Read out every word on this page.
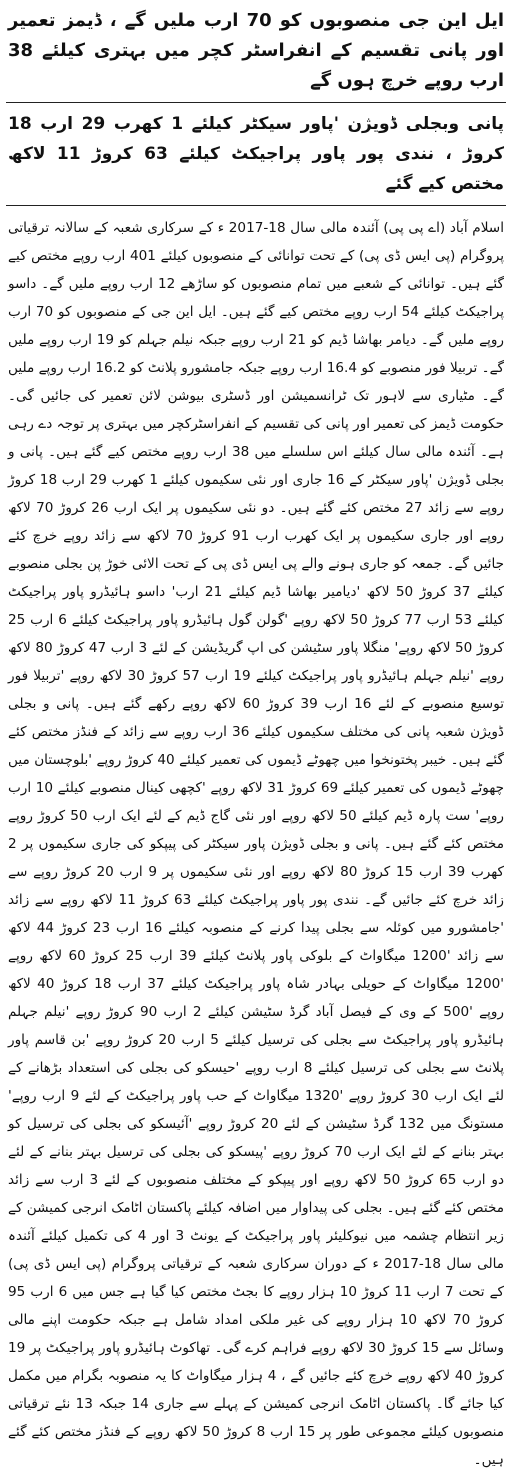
ایل این جی منصوبوں کو 70 ارب ملیں گے ، ڈیمز تعمیر اور پانی تقسیم کے انفراسٹر کچر میں بہتری کیلئے 38 ارب روپے خرچ ہوں گے
پانی وبجلی ڈویژن 'پاور سیکٹر کیلئے 1 کھرب 29 ارب 18 کروڑ ، نندی پور پاور پراجیکٹ کیلئے 63 کروڑ 11 لاکھ مختص کیے گئے

اسلام آباد (اے پی پی) آئندہ مالی سال 18-2017 ء کے سرکاری شعبہ کے سالانہ ترقیاتی پروگرام (پی ایس ڈی پی) کے تحت توانائی کے منصوبوں کیلئے 401 ارب روپے مختص کیے گئے ہیں۔ توانائی کے شعبے میں تمام منصوبوں کو ساڑھے 12 ارب روپے ملیں گے۔ داسو پراجیکٹ کیلئے 54 ارب روپے مختص کیے گئے ہیں۔ ایل این جی کے منصوبوں کو 70 ارب روپے ملیں گے۔ دیامر بھاشا ڈیم کو 21 ارب روپے جبکہ نیلم جہلم کو 19 ارب روپے ملیں گے۔ تربیلا فور منصوبے کو 16.4 ارب روپے جبکہ جامشورو پلانٹ کو 16.2 ارب روپے ملیں گے۔ مٹیاری سے لاہور تک ٹرانسمیشن اور ڈسٹری بیوشن لائن تعمیر کی جائیں گی۔ حکومت ڈیمز کی تعمیر اور پانی کی تقسیم کے انفراسٹرکچر میں بہتری پر توجہ دے رہی ہے۔ آئندہ مالی سال کیلئے اس سلسلے میں 38 ارب روپے مختص کیے گئے ہیں۔ پانی و بجلی ڈویژن 'پاور سیکٹر کے 16 جاری اور نئی سکیموں کیلئے 1 کھرب 29 ارب 18 کروڑ روپے سے زائد 27 مختص کئے گئے ہیں۔ دو نئی سکیموں پر ایک ارب 26 کروڑ 70 لاکھ روپے اور جاری سکیموں پر ایک کھرب ارب 91 کروڑ 70 لاکھ سے زائد روپے خرچ کئے جائیں گے۔ جمعہ کو جاری ہونے والے پی ایس ڈی پی کے تحت الائی خوڑ پن بجلی منصوبے کیلئے 37 کروڑ 50 لاکھ 'دیامیر بھاشا ڈیم کیلئے 21 ارب' داسو ہائیڈرو پاور پراجیکٹ کیلئے 53 ارب 77 کروڑ 50 لاکھ روپے 'گولن گول ہائیڈرو پاور پراجیکٹ کیلئے 6 ارب 25 کروڑ 50 لاکھ روپے' منگلا پاور سٹیشن کی اپ گریڈیشن کے لئے 3 ارب 47 کروڑ 80 لاکھ روپے 'نیلم جہلم ہائیڈرو پاور پراجیکٹ کیلئے 19 ارب 57 کروڑ 30 لاکھ روپے 'تربیلا فور توسیع منصوبے کے لئے 16 ارب 39 کروڑ 60 لاکھ روپے رکھے گئے ہیں۔ پانی و بجلی ڈویژن شعبہ پانی کی مختلف سکیموں کیلئے 36 ارب روپے سے زائد کے فنڈز مختص کئے گئے ہیں۔ خیبر پختونخوا میں چھوٹے ڈیموں کی تعمیر کیلئے 40 کروڑ روپے 'بلوچستان میں چھوٹے ڈیموں کی تعمیر کیلئے 69 کروڑ 31 لاکھ روپے 'کچھی کینال منصوبے کیلئے 10 ارب روپے' ست پارہ ڈیم کیلئے 50 لاکھ روپے اور نئی گاج ڈیم کے لئے ایک ارب 50 کروڑ روپے مختص کئے گئے ہیں۔ پانی و بجلی ڈویژن پاور سیکٹر کی پیپکو کی جاری سکیموں پر 2 کھرب 39 ارب 15 کروڑ 80 لاکھ روپے اور نئی سکیموں پر 9 ارب 20 کروڑ روپے سے زائد خرچ کئے جائیں گے۔ نندی پور پاور پراجیکٹ کیلئے 63 کروڑ 11 لاکھ روپے سے زائد 'جامشورو میں کوئلہ سے بجلی پیدا کرنے کے منصوبہ کیلئے 16 ارب 23 کروڑ 44 لاکھ سے زائد '1200 میگاواٹ کے بلوکی پاور پلانٹ کیلئے 39 ارب 25 کروڑ 60 لاکھ روپے '1200 میگاواٹ کے حویلی بہادر شاہ پاور پراجیکٹ کیلئے 37 ارب 18 کروڑ 40 لاکھ روپے '500 کے وی کے فیصل آباد گرڈ سٹیشن کیلئے 2 ارب 90 کروڑ روپے 'نیلم جہلم ہائیڈرو پاور پراجیکٹ سے بجلی کی ترسیل کیلئے 5 ارب 20 کروڑ روپے 'بن قاسم پاور پلانٹ سے بجلی کی ترسیل کیلئے 8 ارب روپے 'حیسکو کی بجلی کی استعداد بڑھانے کے لئے ایک ارب 30 کروڑ روپے '1320 میگاواٹ کے حب پاور پراجیکٹ کے لئے 9 ارب روپے' مستونگ میں 132 گرڈ سٹیشن کے لئے 20 کروڑ روپے 'آئیسکو کی بجلی کی ترسیل کو بہتر بنانے کے لئے ایک ارب 70 کروڑ روپے 'پیسکو کی بجلی کی ترسیل بہتر بنانے کے لئے دو ارب 65 کروڑ 50 لاکھ روپے اور پیپکو کے مختلف منصوبوں کے لئے 3 ارب سے زائد مختص کئے گئے ہیں۔ بجلی کی پیداوار میں اضافہ کیلئے پاکستان اٹامک انرجی کمیشن کے زیر انتظام چشمہ میں نیوکلیئر پاور پراجیکٹ کے یونٹ 3 اور 4 کی تکمیل کیلئے آئندہ مالی سال 18-2017 ء کے دوران سرکاری شعبہ کے ترقیاتی پروگرام (پی ایس ڈی پی) کے تحت 7 ارب 11 کروڑ 10 ہزار روپے کا بجٹ مختص کیا گیا ہے جس میں 6 ارب 95 کروڑ 70 لاکھ 10 ہزار روپے کی غیر ملکی امداد شامل ہے جبکہ حکومت اپنے مالی وسائل سے 15 کروڑ 30 لاکھ روپے فراہم کرے گی۔ تھاکوٹ ہائیڈرو پاور پراجیکٹ پر 19 کروڑ 40 لاکھ روپے خرچ کئے جائیں گے ، 4 ہزار میگاواٹ کا یہ منصوبہ بگرام میں مکمل کیا جائے گا۔ پاکستان اٹامک انرجی کمیشن کے پہلے سے جاری 14 جبکہ 13 نئے ترقیاتی منصوبوں کیلئے مجموعی طور پر 15 ارب 8 کروڑ 50 لاکھ روپے کے فنڈز مختص کئے گئے ہیں۔
